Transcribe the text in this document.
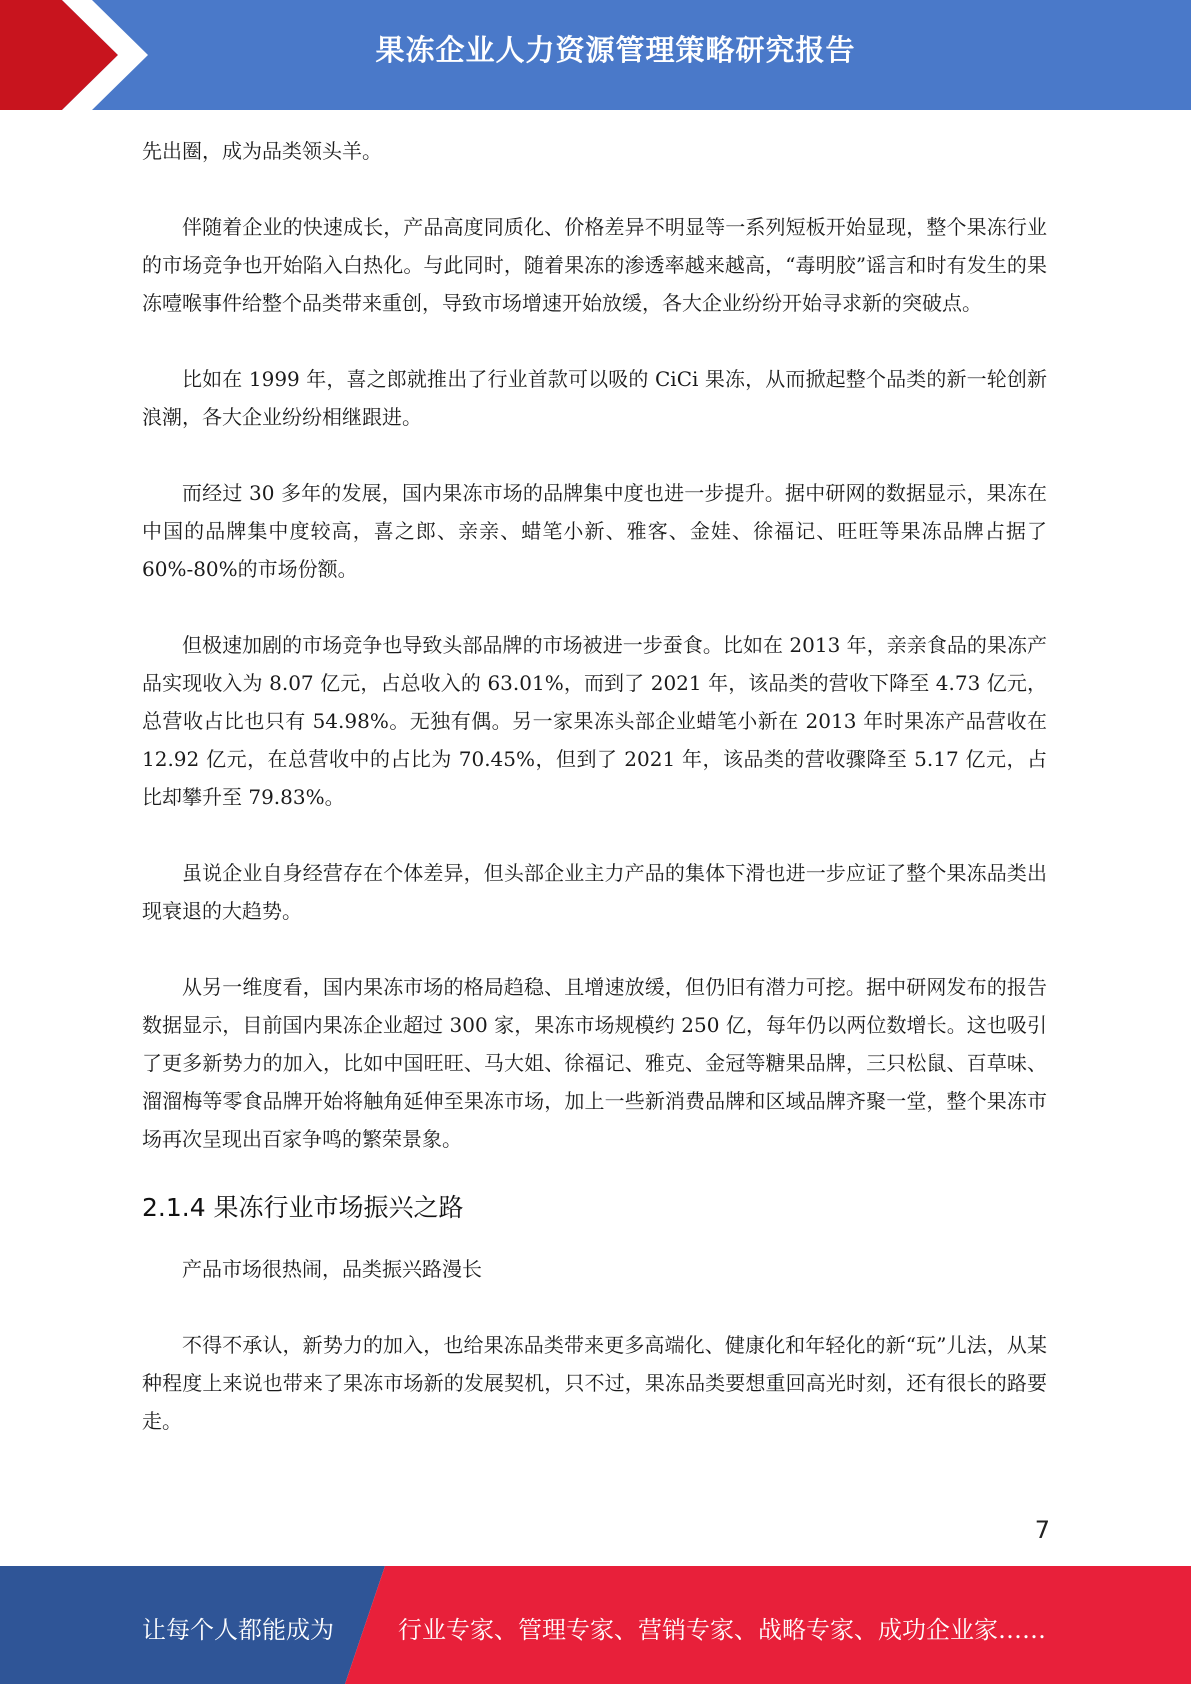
果冻企业人力资源管理策略研究报告

先出圈，成为品类领头羊。

伴随着企业的快速成长，产品高度同质化、价格差异不明显等一系列短板开始显现，整个果冻行业的市场竞争也开始陷入白热化。与此同时，随着果冻的渗透率越来越高，“毒明胶”谣言和时有发生的果冻噎喉事件给整个品类带来重创，导致市场增速开始放缓，各大企业纷纷开始寻求新的突破点。

比如在 1999 年，喜之郎就推出了行业首款可以吸的 CiCi 果冻，从而掀起整个品类的新一轮创新浪潮，各大企业纷纷相继跟进。

而经过 30 多年的发展，国内果冻市场的品牌集中度也进一步提升。据中研网的数据显示，果冻在中国的品牌集中度较高，喜之郎、亲亲、蜡笔小新、雅客、金娃、徐福记、旺旺等果冻品牌占据了 60%-80%的市场份额。

但极速加剧的市场竞争也导致头部品牌的市场被进一步蚕食。比如在 2013 年，亲亲食品的果冻产品实现收入为 8.07 亿元，占总收入的 63.01%，而到了 2021 年，该品类的营收下降至 4.73 亿元，总营收占比也只有 54.98%。无独有偶。另一家果冻头部企业蜡笔小新在 2013 年时果冻产品营收在 12.92 亿元，在总营收中的占比为 70.45%，但到了 2021 年，该品类的营收骤降至 5.17 亿元，占比却攀升至 79.83%。

虽说企业自身经营存在个体差异，但头部企业主力产品的集体下滑也进一步应证了整个果冻品类出现衰退的大趋势。

从另一维度看，国内果冻市场的格局趋稳、且增速放缓，但仍旧有潜力可挖。据中研网发布的报告数据显示，目前国内果冻企业超过 300 家，果冻市场规模约 250 亿，每年仍以两位数增长。这也吸引了更多新势力的加入，比如中国旺旺、马大姐、徐福记、雅克、金冠等糖果品牌，三只松鼠、百草味、溜溜梅等零食品牌开始将触角延伸至果冻市场，加上一些新消费品牌和区域品牌齐聚一堂，整个果冻市场再次呈现出百家争鸣的繁荣景象。

2.1.4 果冻行业市场振兴之路

产品市场很热闹，品类振兴路漫长

不得不承认，新势力的加入，也给果冻品类带来更多高端化、健康化和年轻化的新“玩”儿法，从某种程度上来说也带来了果冻市场新的发展契机，只不过，果冻品类要想重回高光时刻，还有很长的路要走。

7
让每个人都能成为	行业专家、管理专家、营销专家、战略专家、成功企业家……
